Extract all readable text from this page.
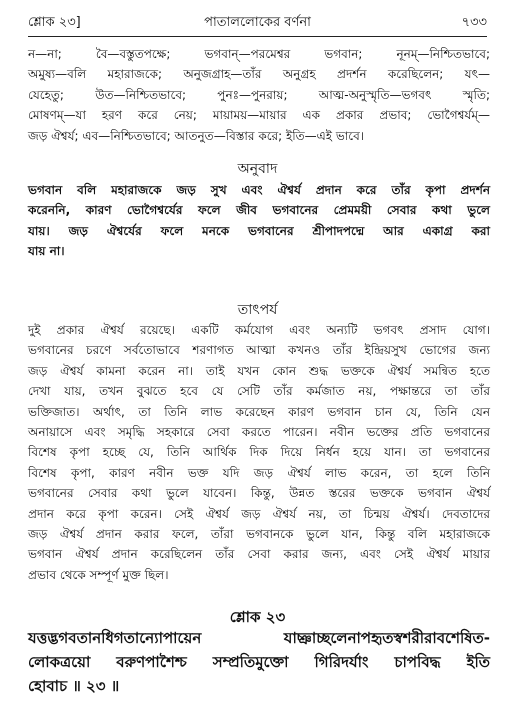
শ্লোক ২৩]	পাতাললোকের বর্ণনা	৭৩৩
ন—না; বৈ—বস্তুতপক্ষে; ভগবান্—পরমেশ্বর ভগবান; নূনম্—নিশ্চিতভাবে;
অমুষ্য—বলি মহারাজকে; অনুজগ্রাহ—তাঁর অনুগ্রহ প্রদর্শন করেছিলেন; যৎ—
যেহেতু; উত—নিশ্চিতভাবে; পুনঃ—পুনরায়; আত্ম-অনুস্মৃতি—ভগবৎ স্মৃতি;
মোষণম্—যা হরণ করে নেয়; মায়াময়—মায়ার এক প্রকার প্রভাব; ভোগৈশ্বর্যম্—
জড় ঐশ্বর্য; এব—নিশ্চিতভাবে; আতনুত—বিস্তার করে; ইতি—এই ভাবে।
অনুবাদ
ভগবান বলি মহারাজকে জড় সুখ এবং ঐশ্বর্য প্রদান করে তাঁর কৃপা প্রদর্শন
করেননি, কারণ ভোগৈশ্বর্যের ফলে জীব ভগবানের প্রেমময়ী সেবার কথা ভুলে
যায়। জড় ঐশ্বর্যের ফলে মনকে ভগবানের শ্রীপাদপদ্মে আর একাগ্র করা
যায় না।
তাৎপর্য
দুই প্রকার ঐশ্বর্য রয়েছে। একটি কর্মযোগ এবং অন্যটি ভগবৎ প্রসাদ যোগ।
ভগবানের চরণে সর্বতোভাবে শরণাগত আত্মা কখনও তাঁর ইন্দ্রিয়সুখ ভোগের জন্য
জড় ঐশ্বর্য কামনা করেন না। তাই যখন কোন শুদ্ধ ভক্তকে ঐশ্বর্য সমন্বিত হতে
দেখা যায়, তখন বুঝতে হবে যে সেটি তাঁর কর্মজাত নয়, পক্ষান্তরে তা তাঁর
ভক্তিজাত। অর্থাৎ, তা তিনি লাভ করেছেন কারণ ভগবান চান যে, তিনি যেন
অনায়াসে এবং সমৃদ্ধি সহকারে সেবা করতে পারেন। নবীন ভক্তের প্রতি ভগবানের
বিশেষ কৃপা হচ্ছে যে, তিনি আর্থিক দিক দিয়ে নির্ধন হয়ে যান। তা ভগবানের
বিশেষ কৃপা, কারণ নবীন ভক্ত যদি জড় ঐশ্বর্য লাভ করেন, তা হলে তিনি
ভগবানের সেবার কথা ভুলে যাবেন। কিন্তু, উন্নত স্তরের ভক্তকে ভগবান ঐশ্বর্য
প্রদান করে কৃপা করেন। সেই ঐশ্বর্য জড় ঐশ্বর্য নয়, তা চিন্ময় ঐশ্বর্য। দেবতাদের
জড় ঐশ্বর্য প্রদান করার ফলে, তাঁরা ভগবানকে ভুলে যান, কিন্তু বলি মহারাজকে
ভগবান ঐশ্বর্য প্রদান করেছিলেন তাঁর সেবা করার জন্য, এবং সেই ঐশ্বর্য মায়ার
প্রভাব থেকে সম্পূর্ণ মুক্ত ছিল।
শ্লোক ২৩
যত্তদ্ভগবতানধিগতান্যোপায়েন যাচ্ঞাচ্ছলেনাপহৃতস্বশরীরাবশেষিত-
লোকত্রয়ো বরুণপাশৈশ্চ সম্প্রতিমুক্তো গিরিদর্যাং চাপবিদ্ধ ইতি
হোবাচ ॥ ২৩ ॥
